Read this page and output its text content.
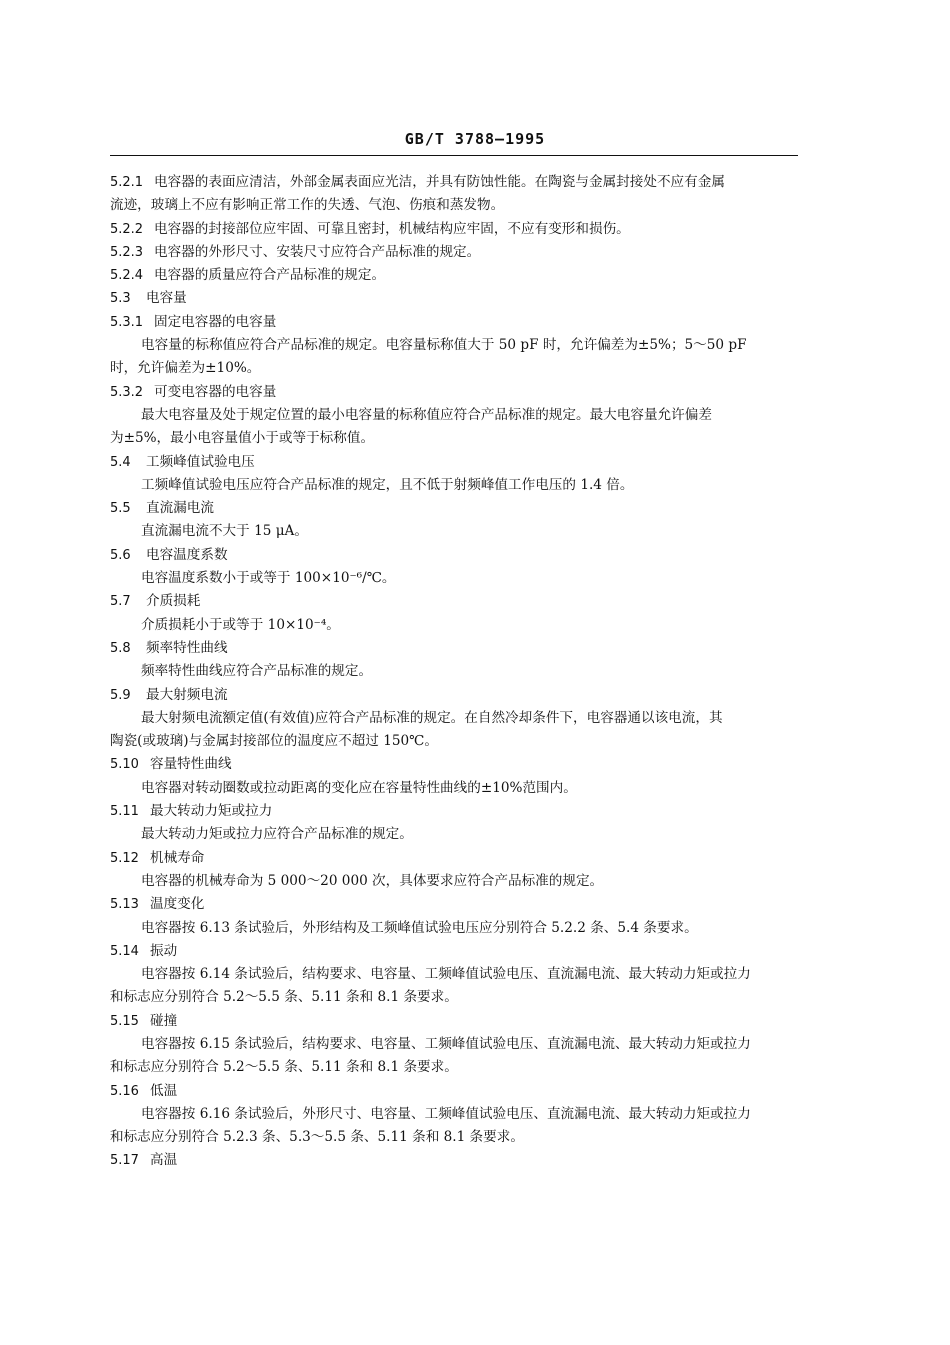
GB/T 3788—1995
5.2.1 电容器的表面应清洁，外部金属表面应光洁，并具有防蚀性能。在陶瓷与金属封接处不应有金属
流迹，玻璃上不应有影响正常工作的失透、气泡、伤痕和蒸发物。
5.2.2 电容器的封接部位应牢固、可靠且密封，机械结构应牢固，不应有变形和损伤。
5.2.3 电容器的外形尺寸、安装尺寸应符合产品标准的规定。
5.2.4 电容器的质量应符合产品标准的规定。
5.3 电容量
5.3.1 固定电容器的电容量
电容量的标称值应符合产品标准的规定。电容量标称值大于 50 pF 时，允许偏差为±5%；5～50 pF
时，允许偏差为±10%。
5.3.2 可变电容器的电容量
最大电容量及处于规定位置的最小电容量的标称值应符合产品标准的规定。最大电容量允许偏差
为±5%，最小电容量值小于或等于标称值。
5.4 工频峰值试验电压
工频峰值试验电压应符合产品标准的规定，且不低于射频峰值工作电压的 1.4 倍。
5.5 直流漏电流
直流漏电流不大于 15 μA。
5.6 电容温度系数
电容温度系数小于或等于 100×10⁻⁶/℃。
5.7 介质损耗
介质损耗小于或等于 10×10⁻⁴。
5.8 频率特性曲线
频率特性曲线应符合产品标准的规定。
5.9 最大射频电流
最大射频电流额定值(有效值)应符合产品标准的规定。在自然冷却条件下，电容器通以该电流，其
陶瓷(或玻璃)与金属封接部位的温度应不超过 150℃。
5.10 容量特性曲线
电容器对转动圈数或拉动距离的变化应在容量特性曲线的±10%范围内。
5.11 最大转动力矩或拉力
最大转动力矩或拉力应符合产品标准的规定。
5.12 机械寿命
电容器的机械寿命为 5 000～20 000 次，具体要求应符合产品标准的规定。
5.13 温度变化
电容器按 6.13 条试验后，外形结构及工频峰值试验电压应分别符合 5.2.2 条、5.4 条要求。
5.14 振动
电容器按 6.14 条试验后，结构要求、电容量、工频峰值试验电压、直流漏电流、最大转动力矩或拉力
和标志应分别符合 5.2～5.5 条、5.11 条和 8.1 条要求。
5.15 碰撞
电容器按 6.15 条试验后，结构要求、电容量、工频峰值试验电压、直流漏电流、最大转动力矩或拉力
和标志应分别符合 5.2～5.5 条、5.11 条和 8.1 条要求。
5.16 低温
电容器按 6.16 条试验后，外形尺寸、电容量、工频峰值试验电压、直流漏电流、最大转动力矩或拉力
和标志应分别符合 5.2.3 条、5.3～5.5 条、5.11 条和 8.1 条要求。
5.17 高温
